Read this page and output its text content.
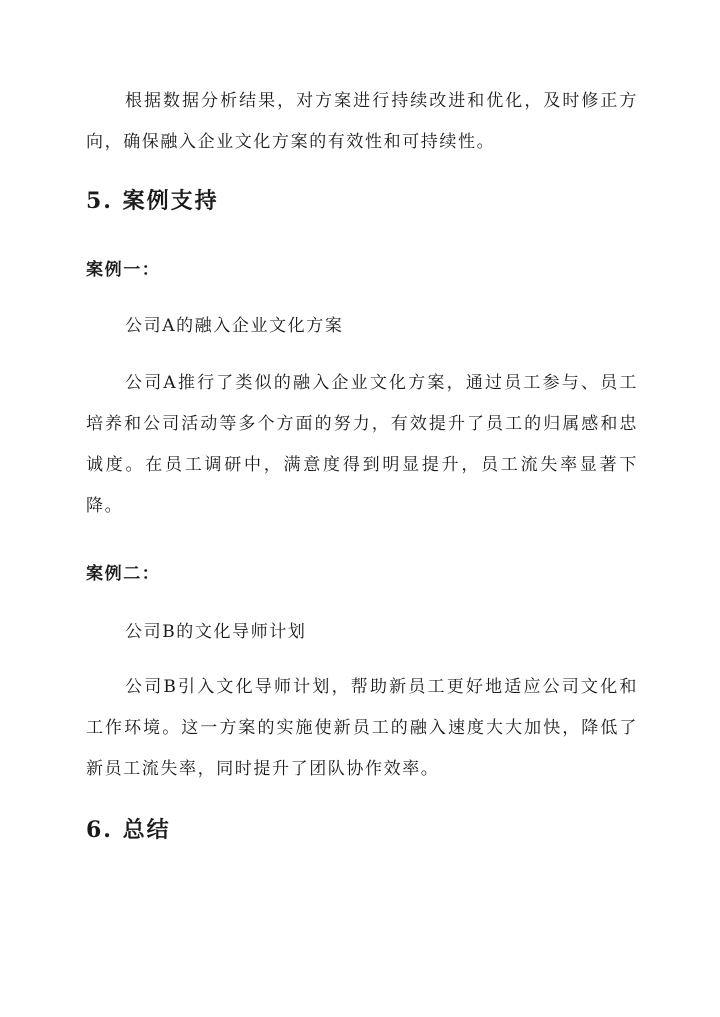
根据数据分析结果，对方案进行持续改进和优化，及时修正方向，确保融入企业文化方案的有效性和可持续性。

5. 案例支持
案例一：

公司A的融入企业文化方案

公司A推行了类似的融入企业文化方案，通过员工参与、员工培养和公司活动等多个方面的努力，有效提升了员工的归属感和忠诚度。在员工调研中，满意度得到明显提升，员工流失率显著下降。

案例二：

公司B的文化导师计划

公司B引入文化导师计划，帮助新员工更好地适应公司文化和工作环境。这一方案的实施使新员工的融入速度大大加快，降低了新员工流失率，同时提升了团队协作效率。

6. 总结
